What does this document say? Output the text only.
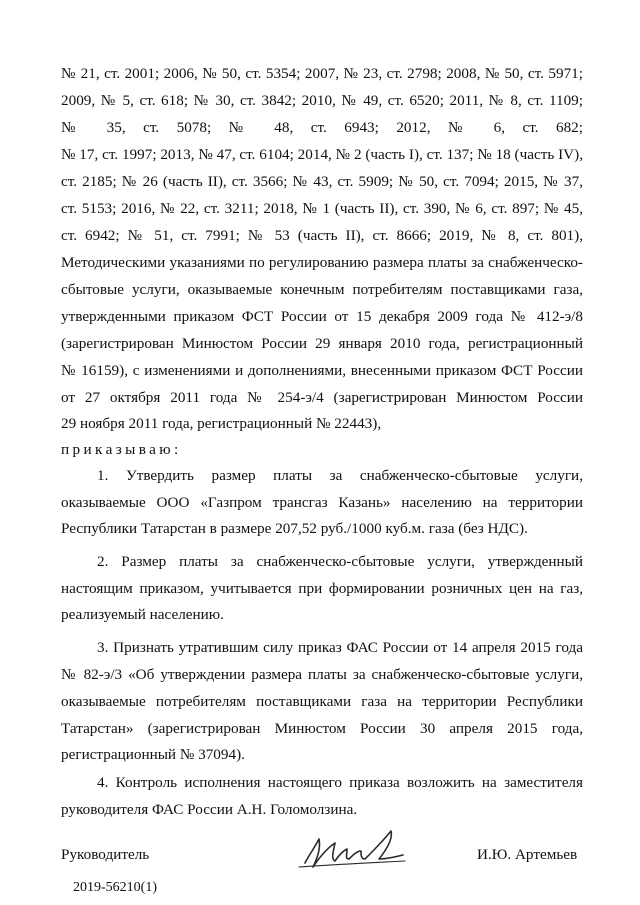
№ 21, ст. 2001; 2006, № 50, ст. 5354; 2007, № 23, ст. 2798; 2008, № 50, ст. 5971;
2009, № 5, ст. 618; № 30, ст. 3842; 2010, № 49, ст. 6520; 2011, № 8, ст. 1109;
№ 35, ст. 5078; № 48, ст. 6943; 2012, № 6, ст. 682;
№ 17, ст. 1997; 2013, № 47, ст. 6104; 2014, № 2 (часть I), ст. 137; № 18 (часть IV),
ст. 2185; № 26 (часть II), ст. 3566; № 43, ст. 5909; № 50, ст. 7094; 2015, № 37,
ст. 5153; 2016, № 22, ст. 3211; 2018, № 1 (часть II), ст. 390, № 6, ст. 897; № 45,
ст. 6942; № 51, ст. 7991; № 53 (часть II), ст. 8666; 2019, № 8, ст. 801),
Методическими указаниями по регулированию размера платы за снабженческо-
сбытовые услуги, оказываемые конечным потребителям поставщиками газа,
утвержденными приказом ФСТ России от 15 декабря 2009 года № 412-э/8
(зарегистрирован Минюстом России 29 января 2010 года, регистрационный
№ 16159), с изменениями и дополнениями, внесенными приказом ФСТ России
от 27 октября 2011 года № 254-э/4 (зарегистрирован Минюстом России
29 ноября 2011 года, регистрационный № 22443),
приказываю:
1. Утвердить размер платы за снабженческо-сбытовые услуги,
оказываемые ООО «Газпром трансгаз Казань» населению на территории
Республики Татарстан в размере 207,52 руб./1000 куб.м. газа (без НДС).
2. Размер платы за снабженческо-сбытовые услуги, утвержденный
настоящим приказом, учитывается при формировании розничных цен на газ,
реализуемый населению.
3. Признать утратившим силу приказ ФАС России от 14 апреля 2015 года
№ 82-э/3 «Об утверждении размера платы за снабженческо-сбытовые услуги,
оказываемые потребителям поставщиками газа на территории Республики
Татарстан» (зарегистрирован Минюстом России 30 апреля 2015 года,
регистрационный № 37094).
4. Контроль исполнения настоящего приказа возложить на заместителя
руководителя ФАС России А.Н. Голомолзина.
Руководитель	И.Ю. Артемьев
2019-56210(1)
